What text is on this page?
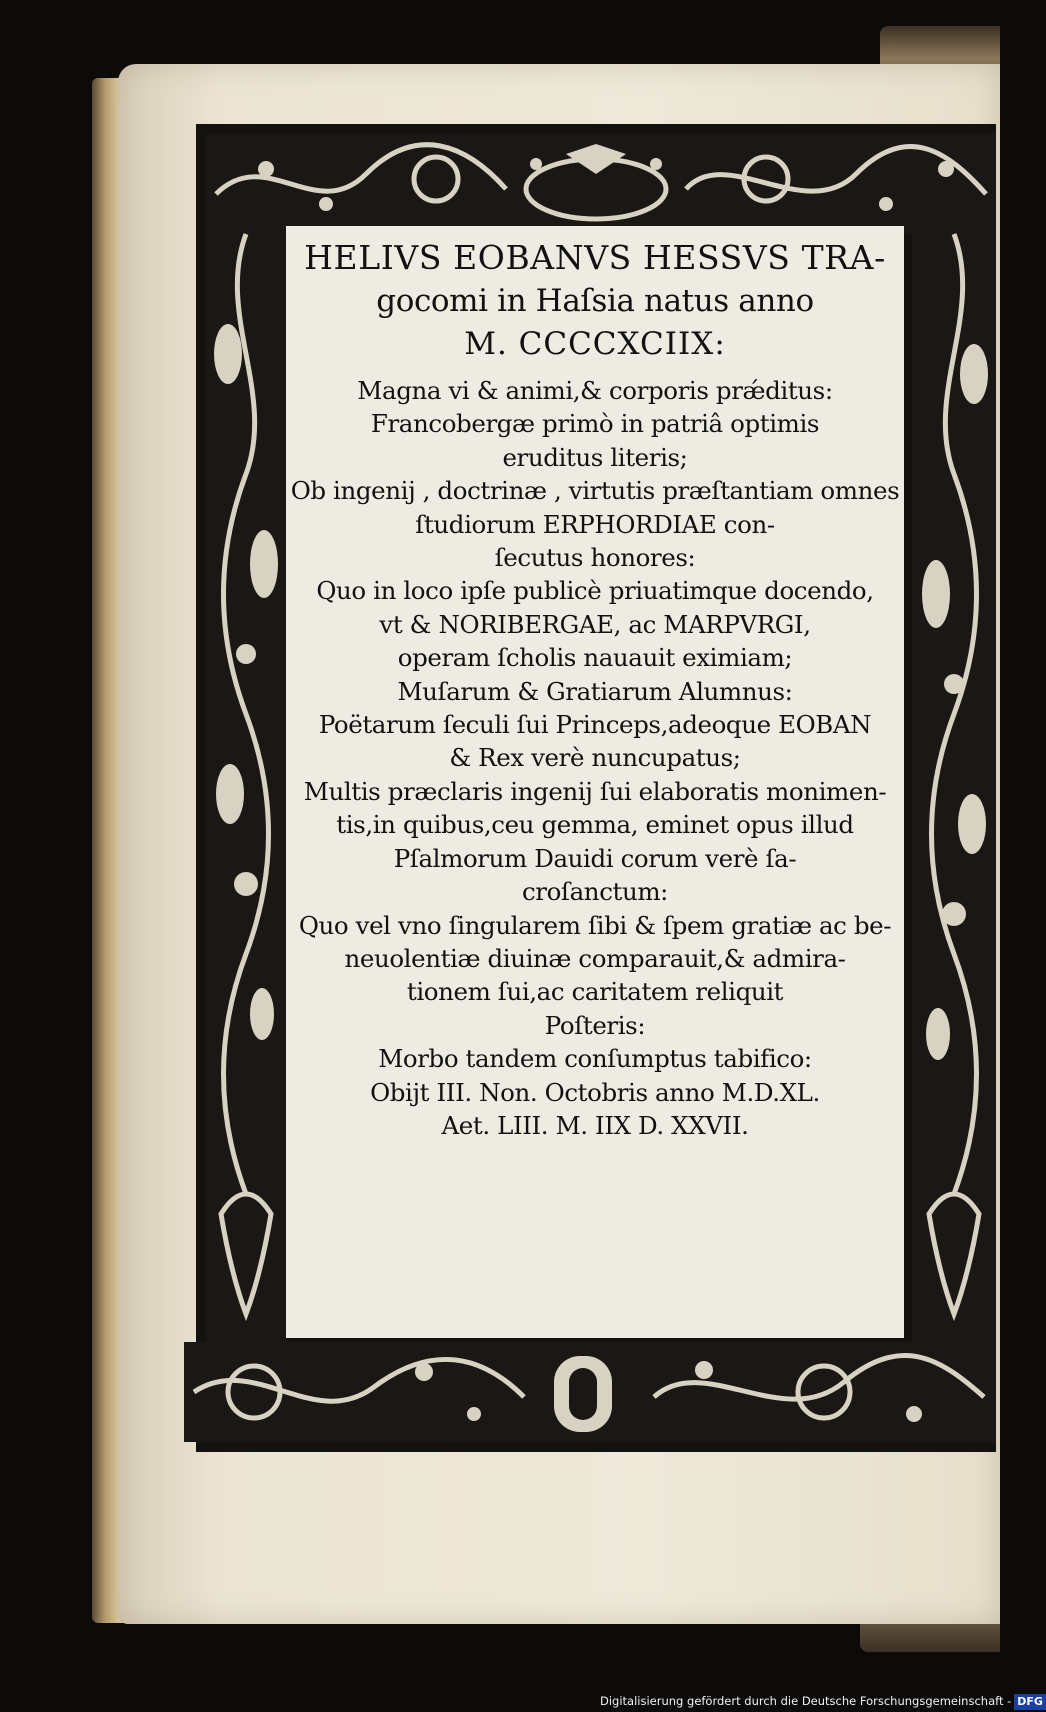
HELIVS EOBANVS HESSVS TRA-
gocomi in Haſsia natus anno
M. CCCCXCIIX:
Magna vi & animi,& corporis prǽditus:
Francobergæ primò in patriâ optimis
eruditus literis;
Ob ingenij , doctrinæ , virtutis præſtantiam omnes
ſtudiorum ERPHORDIAE con-
ſecutus honores:
Quo in loco ipſe publicè priuatimque docendo,
vt & NORIBERGAE, ac MARPVRGI,
operam ſcholis nauauit eximiam;
Muſarum & Gratiarum Alumnus:
Poëtarum ſeculi ſui Princeps,adeoque ΕΟΒΑΝ
& Rex verè nuncupatus;
Multis præclaris ingenij ſui elaboratis monimen-
tis,in quibus,ceu gemma, eminet opus illud
Pſalmorum Dauidi corum verè ſa-
croſanctum:
Quo vel vno ſingularem ſibi & ſpem gratiæ ac be-
neuolentiæ diuinæ comparauit,& admira-
tionem ſui,ac caritatem reliquit
Poſteris:
Morbo tandem conſumptus tabifico:
Obijt III. Non. Octobris anno M.D.XL.
Aet. LIII. M. IIX D. XXVII.
Digitalisierung gefördert durch die Deutsche Forschungsgemeinschaft - DFG
